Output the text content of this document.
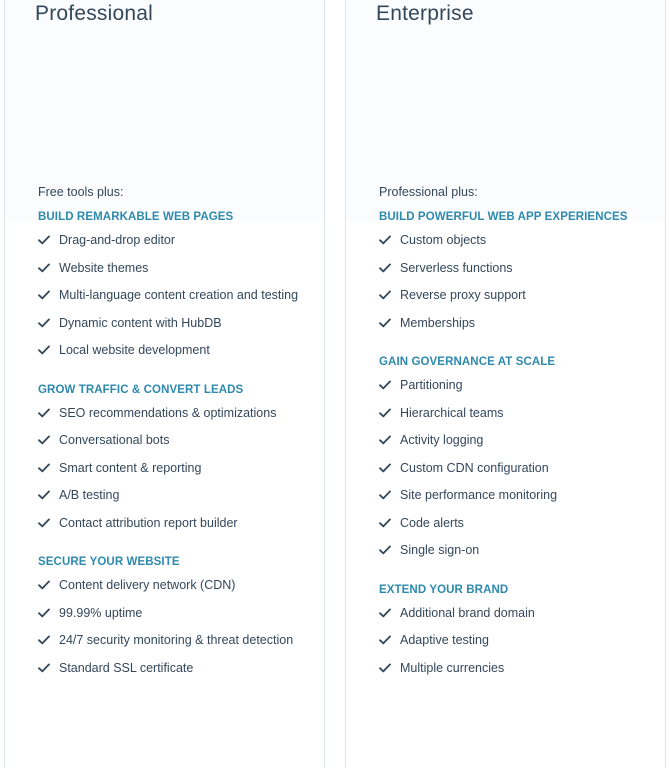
Professional

Free tools plus:

BUILD REMARKABLE WEB PAGES
Drag-and-drop editor
Website themes
Multi-language content creation and testing
Dynamic content with HubDB
Local website development
GROW TRAFFIC & CONVERT LEADS
SEO recommendations & optimizations
Conversational bots
Smart content & reporting
A/B testing
Contact attribution report builder
SECURE YOUR WEBSITE
Content delivery network (CDN)
99.99% uptime
24/7 security monitoring & threat detection
Standard SSL certificate
Enterprise

Professional plus:

BUILD POWERFUL WEB APP EXPERIENCES
Custom objects
Serverless functions
Reverse proxy support
Memberships
GAIN GOVERNANCE AT SCALE
Partitioning
Hierarchical teams
Activity logging
Custom CDN configuration
Site performance monitoring
Code alerts
Single sign-on
EXTEND YOUR BRAND
Additional brand domain
Adaptive testing
Multiple currencies
